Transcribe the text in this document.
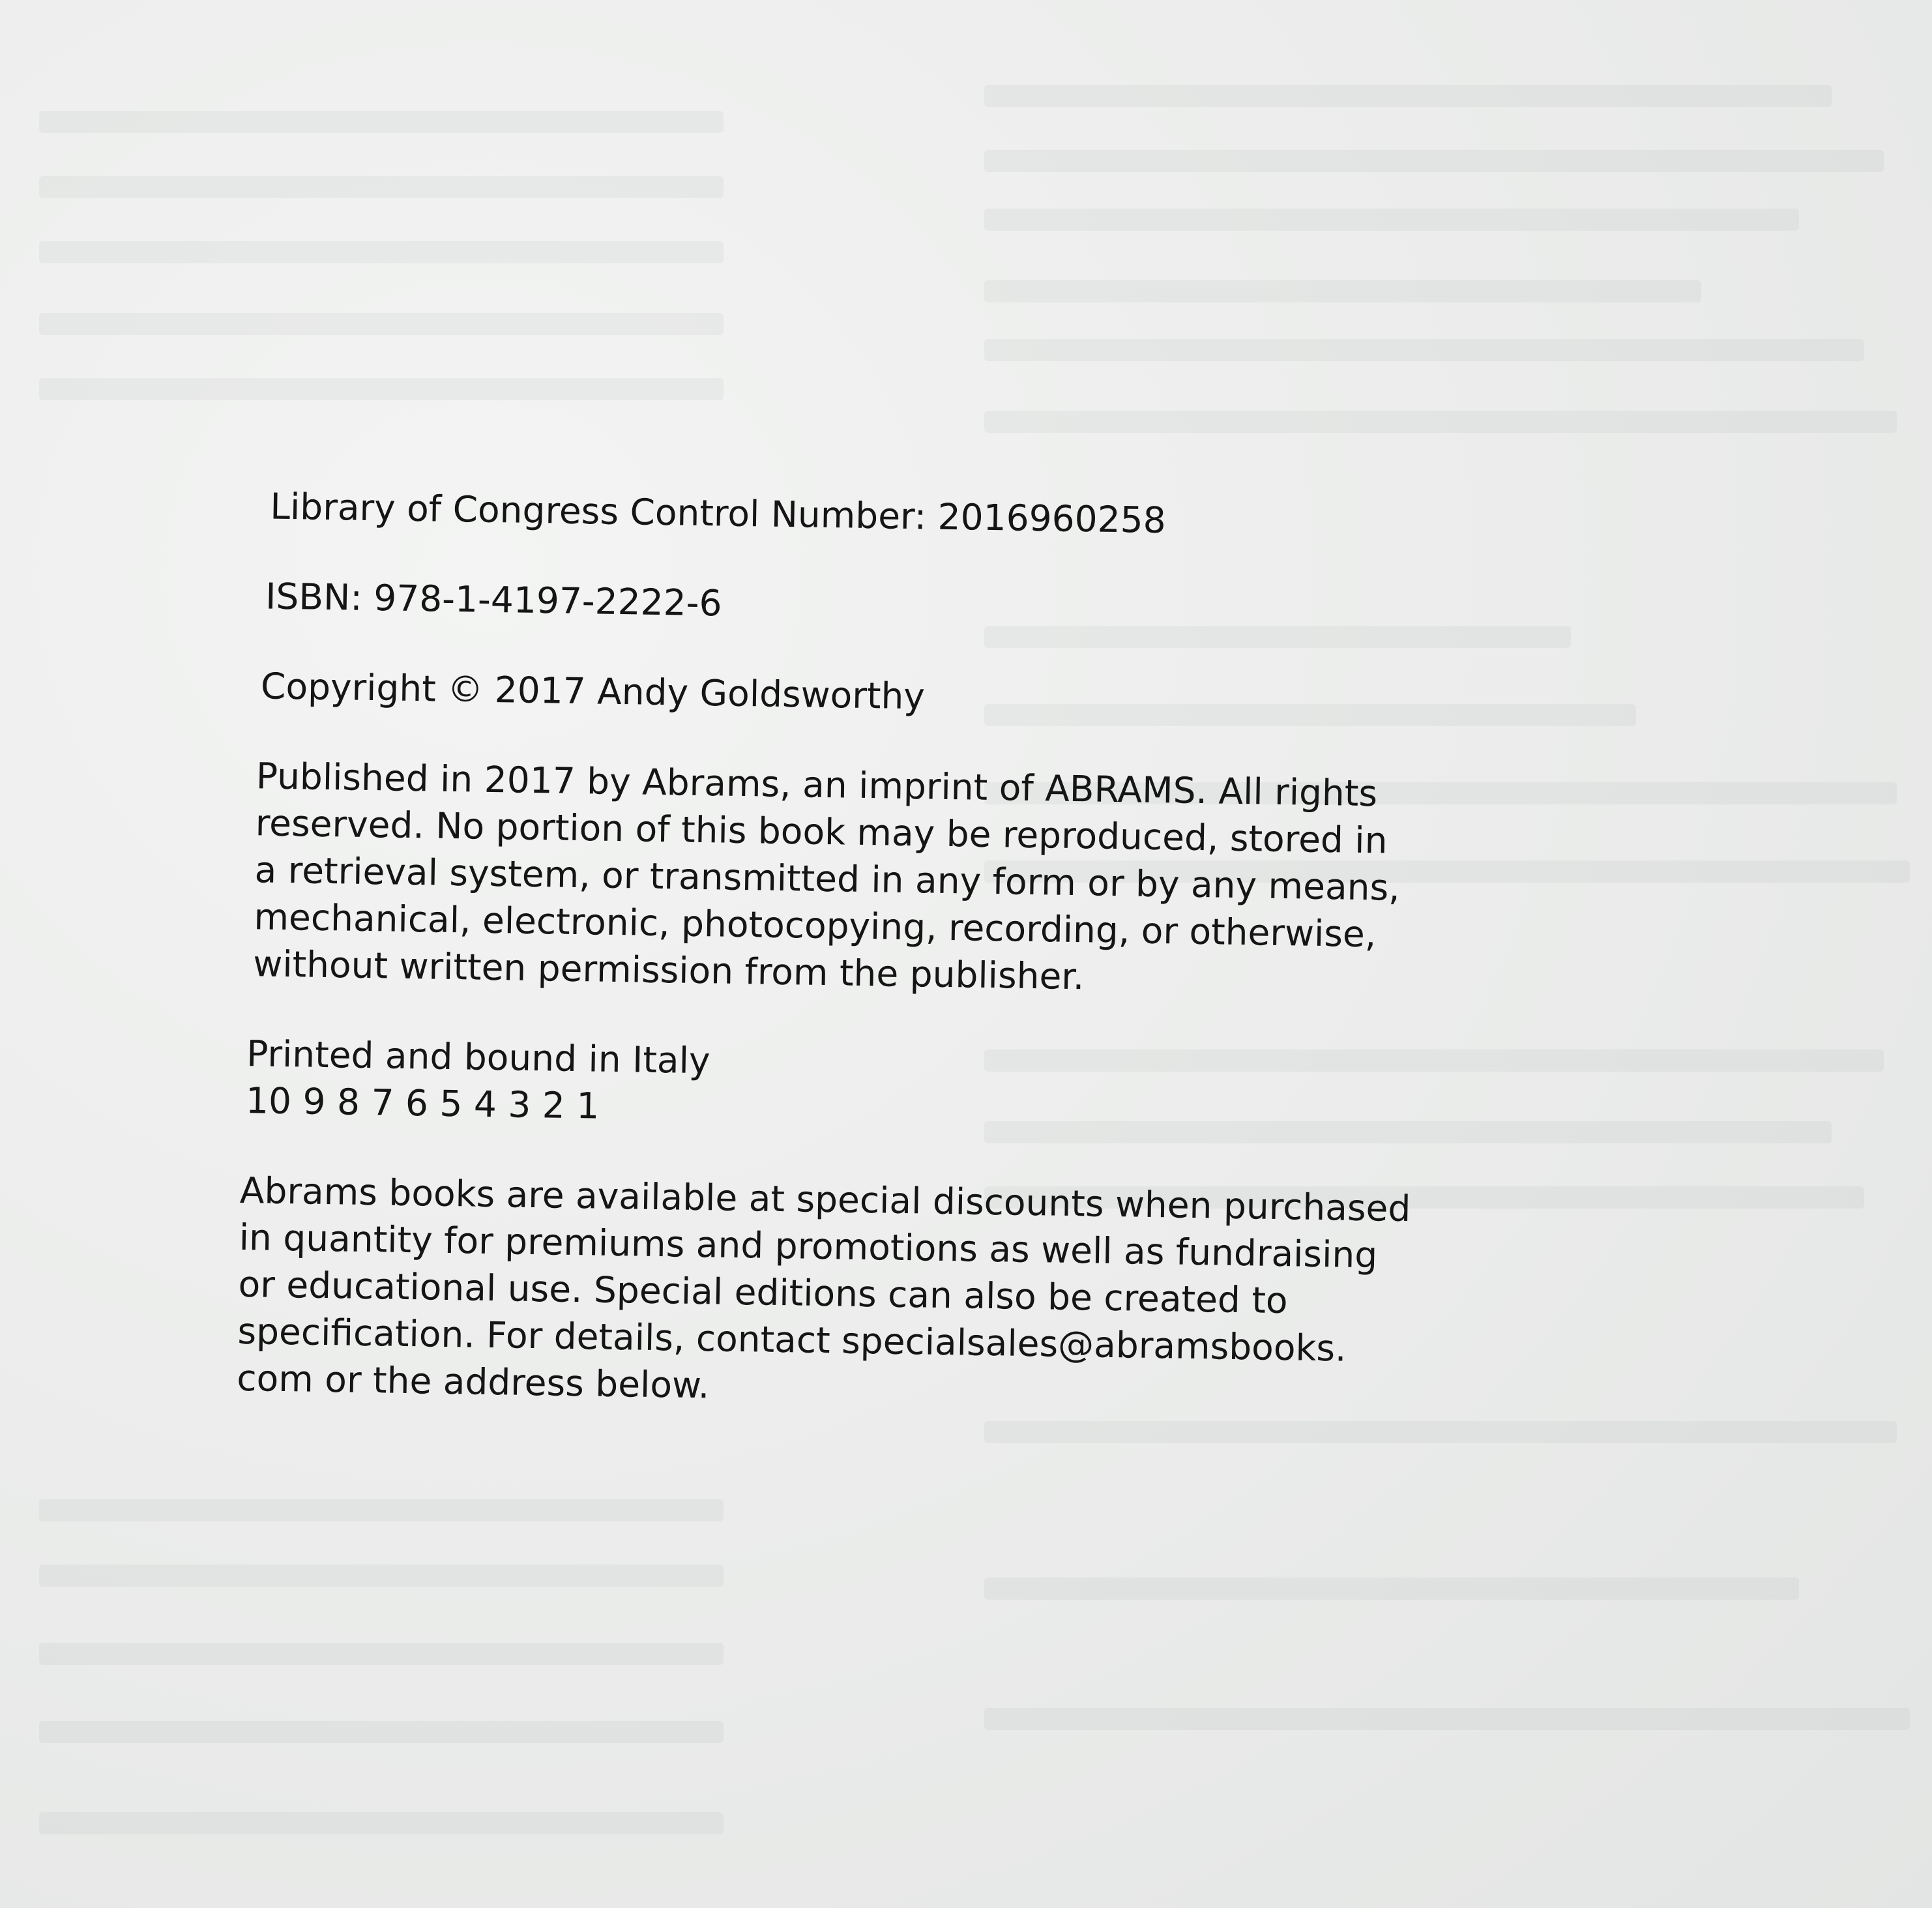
Library of Congress Control Number: 2016960258
ISBN: 978-1-4197-2222-6
Copyright © 2017 Andy Goldsworthy
Published in 2017 by Abrams, an imprint of ABRAMS. All rights
reserved. No portion of this book may be reproduced, stored in
a retrieval system, or transmitted in any form or by any means,
mechanical, electronic, photocopying, recording, or otherwise,
without written permission from the publisher.
Printed and bound in Italy
10 9 8 7 6 5 4 3 2 1
Abrams books are available at special discounts when purchased
in quantity for premiums and promotions as well as fundraising
or educational use. Special editions can also be created to
specification. For details, contact specialsales@abramsbooks.
com or the address below.
